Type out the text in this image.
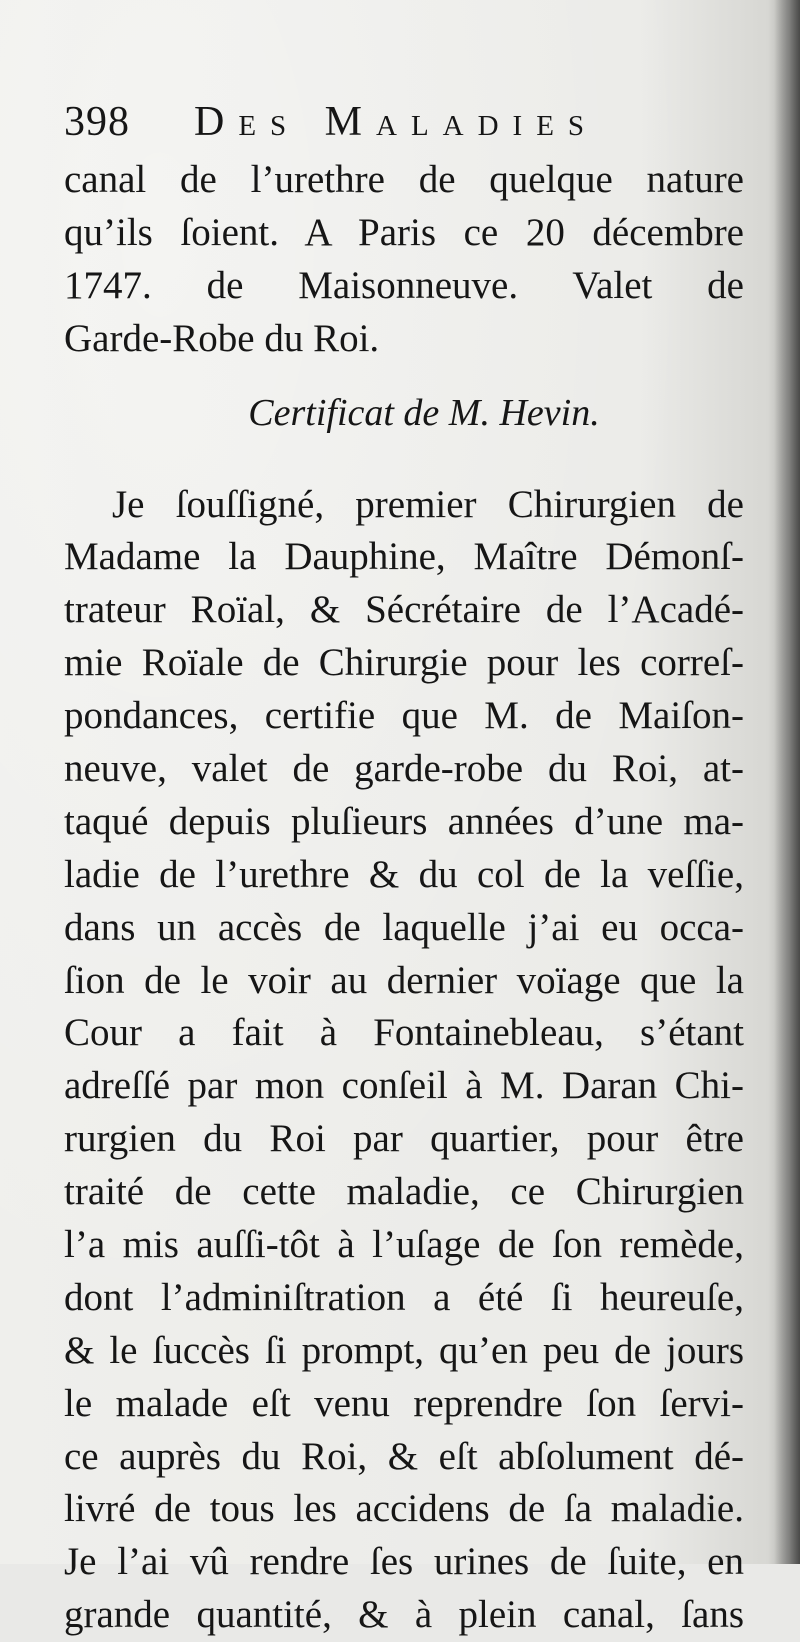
398	Des Maladies
canal de l’urethre de quelque nature
qu’ils ſoient. A Paris ce 20 décembre
1747. de Maisonneuve. Valet de
Garde-Robe du Roi.
Certificat de M. Hevin.
Je ſouſſigné, premier Chirurgien de
Madame la Dauphine, Maître Démonſ-
trateur Roïal, & Sécrétaire de l’Acadé-
mie Roïale de Chirurgie pour les correſ-
pondances, certifie que M. de Maiſon-
neuve, valet de garde-robe du Roi, at-
taqué depuis pluſieurs années d’une ma-
ladie de l’urethre & du col de la veſſie,
dans un accès de laquelle j’ai eu occa-
ſion de le voir au dernier voïage que la
Cour a fait à Fontainebleau, s’étant
adreſſé par mon conſeil à M. Daran Chi-
rurgien du Roi par quartier, pour être
traité de cette maladie, ce Chirurgien
l’a mis auſſi-tôt à l’uſage de ſon remède,
dont l’adminiſtration a été ſi heureuſe,
& le ſuccès ſi prompt, qu’en peu de jours
le malade eſt venu reprendre ſon ſervi-
ce auprès du Roi, & eſt abſolument dé-
livré de tous les accidens de ſa maladie.
Je l’ai vû rendre ſes urines de ſuite, en
grande quantité, & à plein canal, ſans
